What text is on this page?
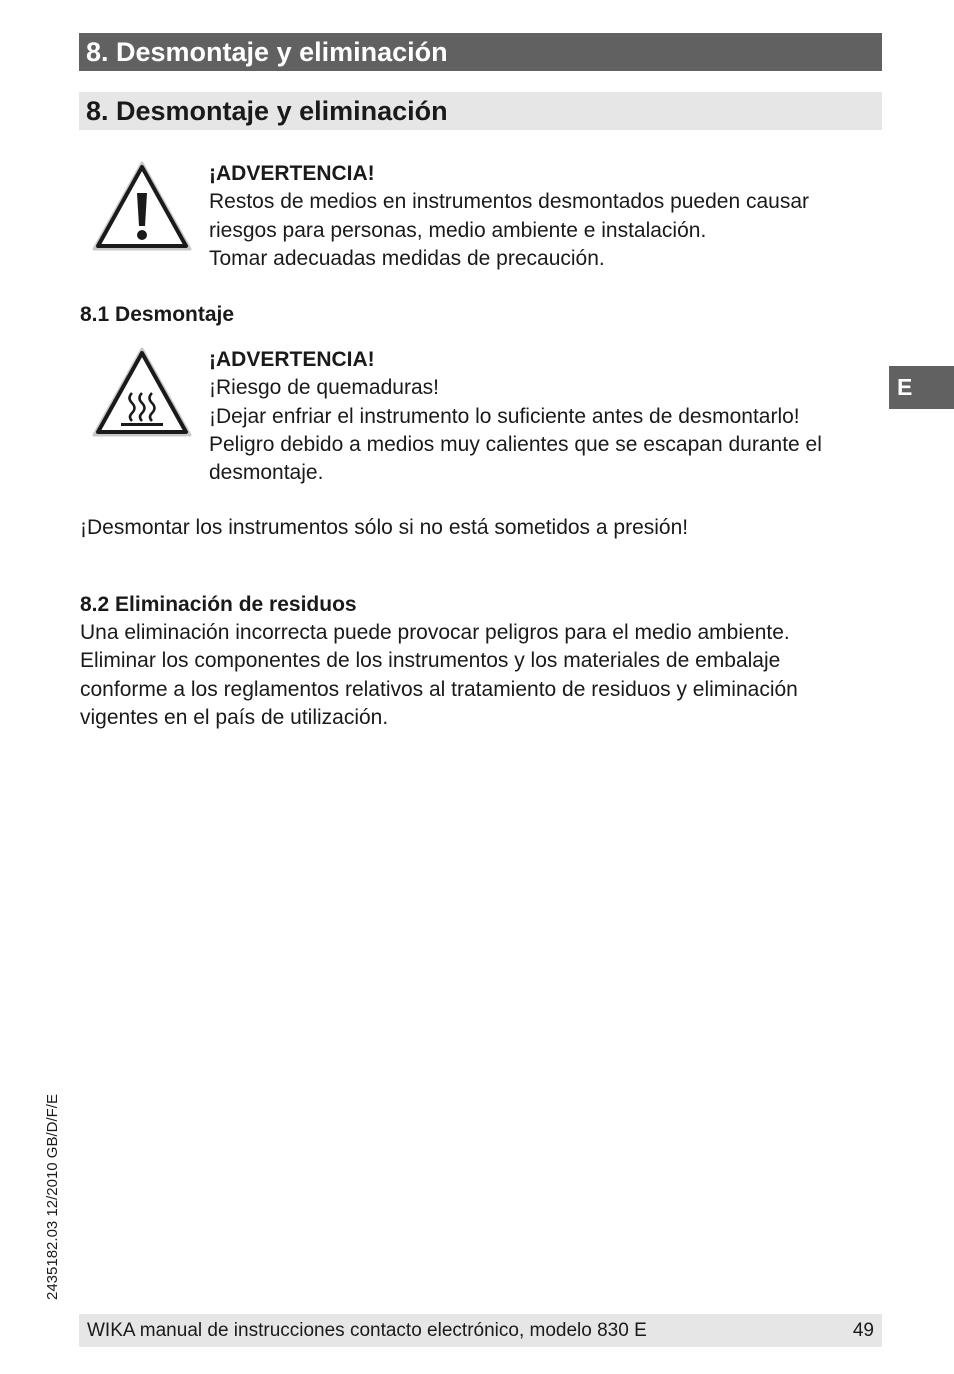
8. Desmontaje y eliminación
8. Desmontaje y eliminación
¡ADVERTENCIA!
Restos de medios en instrumentos desmontados pueden causar
riesgos para personas, medio ambiente e instalación.
Tomar adecuadas medidas de precaución.
8.1 Desmontaje
¡ADVERTENCIA!
¡Riesgo de quemaduras!
¡Dejar enfriar el instrumento lo suficiente antes de desmontarlo!
Peligro debido a medios muy calientes que se escapan durante el
desmontaje.
¡Desmontar los instrumentos sólo si no está sometidos a presión!
8.2 Eliminación de residuos
Una eliminación incorrecta puede provocar peligros para el medio ambiente.
Eliminar los componentes de los instrumentos y los materiales de embalaje
conforme a los reglamentos relativos al tratamiento de residuos y eliminación
vigentes en el país de utilización.
E
2435182.03 12/2010 GB/D/F/E
WIKA manual de instrucciones contacto electrónico, modelo 830 E	49
